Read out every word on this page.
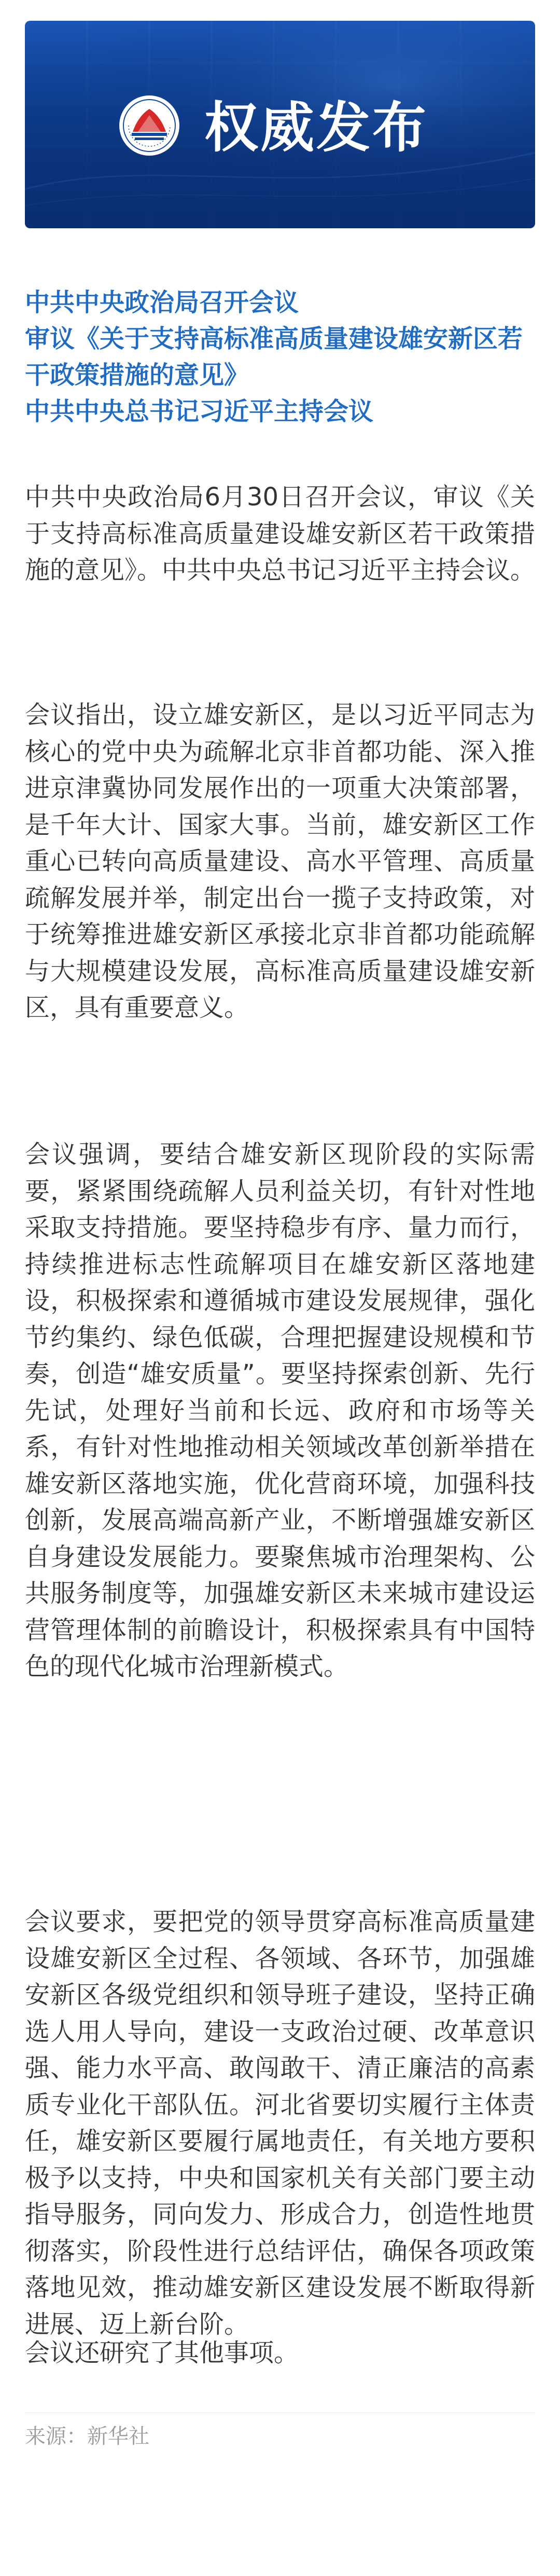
权威发布
中共中央政治局召开会议
审议《关于支持高标准高质量建设雄安新区若干政策措施的意见》
中共中央总书记习近平主持会议

中共中央政治局6月30日召开会议，审议《关于支持高标准高质量建设雄安新区若干政策措施的意见》。中共中央总书记习近平主持会议。

会议指出，设立雄安新区，是以习近平同志为核心的党中央为疏解北京非首都功能、深入推进京津冀协同发展作出的一项重大决策部署，是千年大计、国家大事。当前，雄安新区工作重心已转向高质量建设、高水平管理、高质量疏解发展并举，制定出台一揽子支持政策，对于统筹推进雄安新区承接北京非首都功能疏解与大规模建设发展，高标准高质量建设雄安新区，具有重要意义。

会议强调，要结合雄安新区现阶段的实际需要，紧紧围绕疏解人员利益关切，有针对性地采取支持措施。要坚持稳步有序、量力而行，持续推进标志性疏解项目在雄安新区落地建设，积极探索和遵循城市建设发展规律，强化节约集约、绿色低碳，合理把握建设规模和节奏，创造“雄安质量”。要坚持探索创新、先行先试，处理好当前和长远、政府和市场等关系，有针对性地推动相关领域改革创新举措在雄安新区落地实施，优化营商环境，加强科技创新，发展高端高新产业，不断增强雄安新区自身建设发展能力。要聚焦城市治理架构、公共服务制度等，加强雄安新区未来城市建设运营管理体制的前瞻设计，积极探索具有中国特色的现代化城市治理新模式。

会议要求，要把党的领导贯穿高标准高质量建设雄安新区全过程、各领域、各环节，加强雄安新区各级党组织和领导班子建设，坚持正确选人用人导向，建设一支政治过硬、改革意识强、能力水平高、敢闯敢干、清正廉洁的高素质专业化干部队伍。河北省要切实履行主体责任，雄安新区要履行属地责任，有关地方要积极予以支持，中央和国家机关有关部门要主动指导服务，同向发力、形成合力，创造性地贯彻落实，阶段性进行总结评估，确保各项政策落地见效，推动雄安新区建设发展不断取得新进展、迈上新台阶。

会议还研究了其他事项。

来源：新华社
